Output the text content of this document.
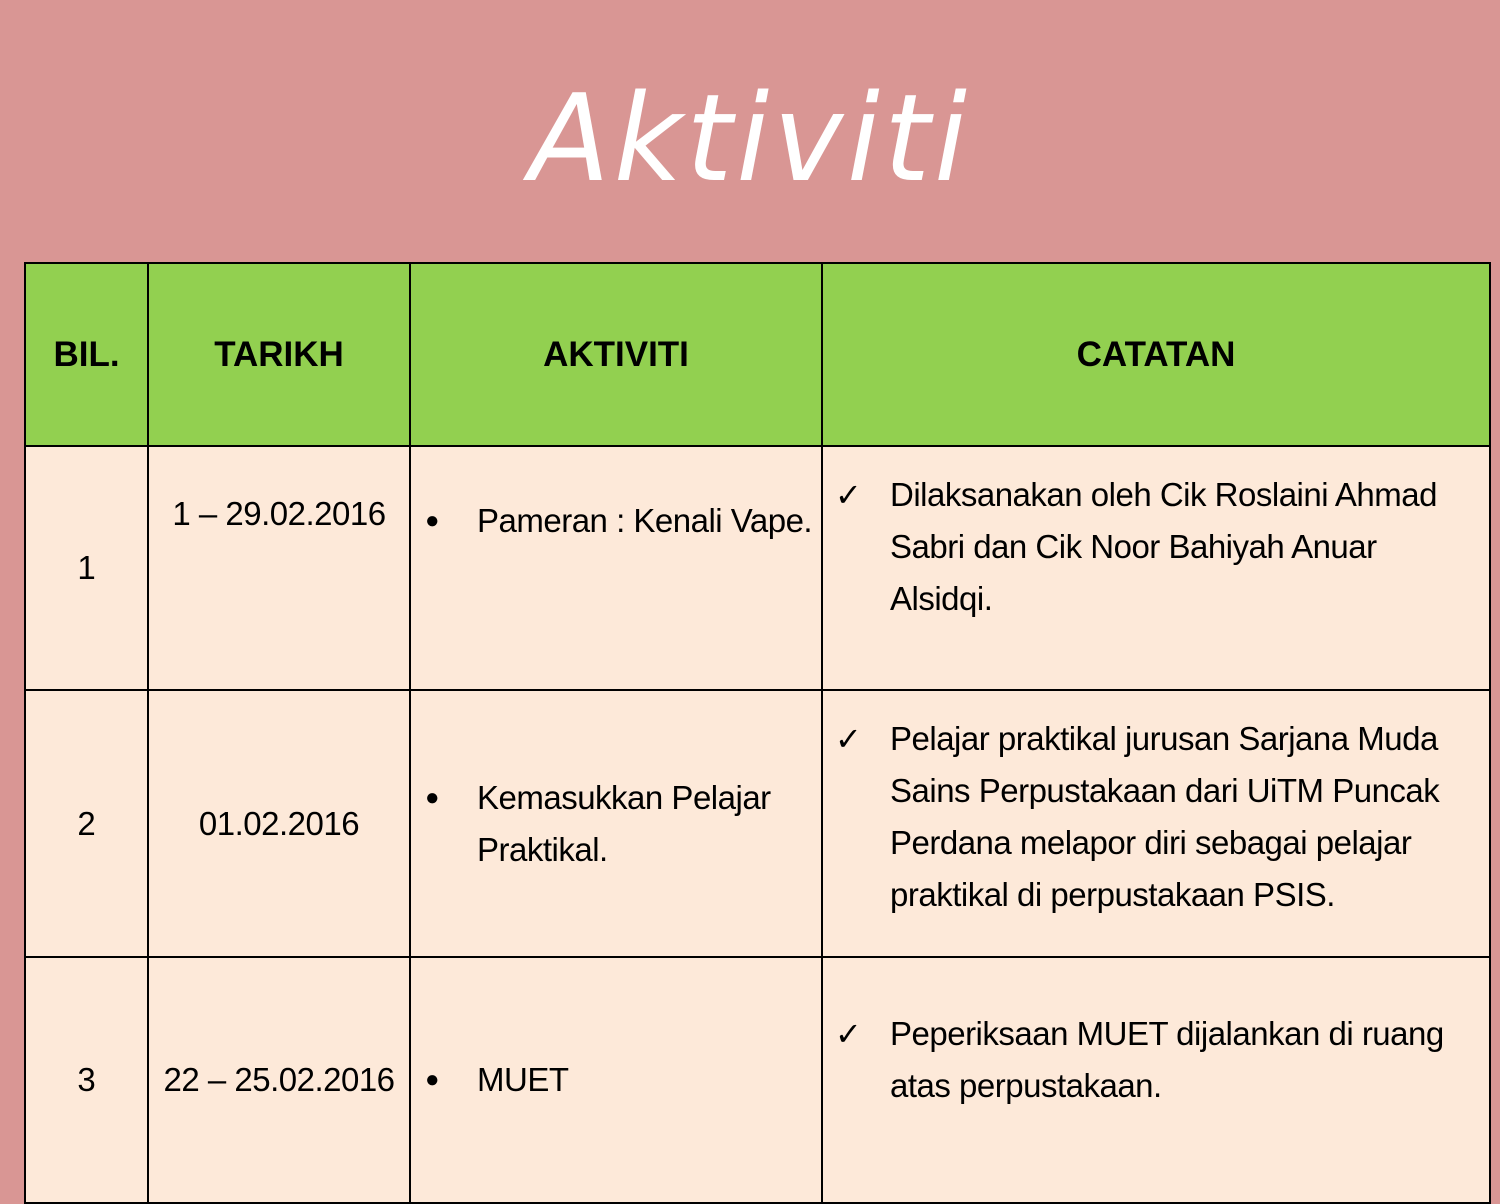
Aktiviti
BIL.	TARIKH	AKTIVITI	CATATAN
1	1 – 29.02.2016	● Pameran : Kenali Vape.	✓ Dilaksanakan oleh Cik Roslaini Ahmad Sabri dan Cik Noor Bahiyah Anuar Alsidqi.

2	01.02.2016	● Kemasukkan Pelajar Praktikal.	✓ Pelajar praktikal jurusan Sarjana Muda Sains Perpustakaan dari UiTM Puncak Perdana melapor diri sebagai pelajar praktikal di perpustakaan PSIS.

3	22 – 25.02.2016	● MUET	✓ Peperiksaan MUET dijalankan di ruang atas perpustakaan.
